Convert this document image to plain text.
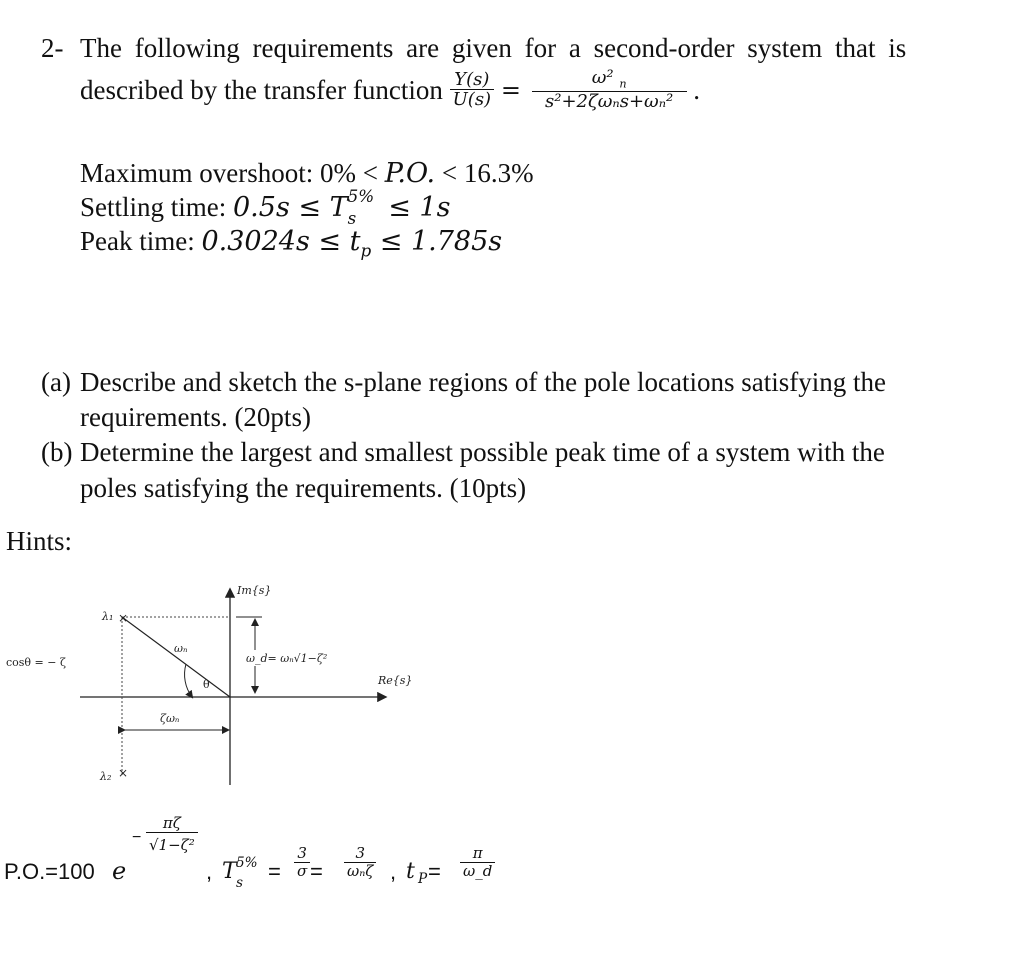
2- The following requirements are given for a second-order system that is
described by the transfer function $\frac{Y(s)}{U(s)} = \frac{\omega^2 _n}{\text{s²+2ζωₙs+ωₙ²}}$ .
Maximum overshoot: 0% < P.O. < 16.3%
Settling time: 0.5s ≤ T 5%
s ≤ 1s
Peak time: $0.3024s \le t_p \le 1.785s$
(a) Describe and sketch the s-plane regions of the pole locations satisfying the
requirements. (20pts)
(b) Determine the largest and smallest possible peak time of a system with the
poles satisfying the requirements. (10pts)
Hints:
×
×
Im{s}
Re{s}
λ₁
λ₂
ωₙ
θ
ζωₙ
ω_d= ωₙ√1−ζ²
cosθ = − ζ
P.O.=100 e
− $\frac{\pi\zeta}{\text{√1−ζ²}}$
, T 5%
$s = \frac{3}{\sigma}$ =
3
ωₙζ , t $P = \frac{\pi}{\omega\_d}$
